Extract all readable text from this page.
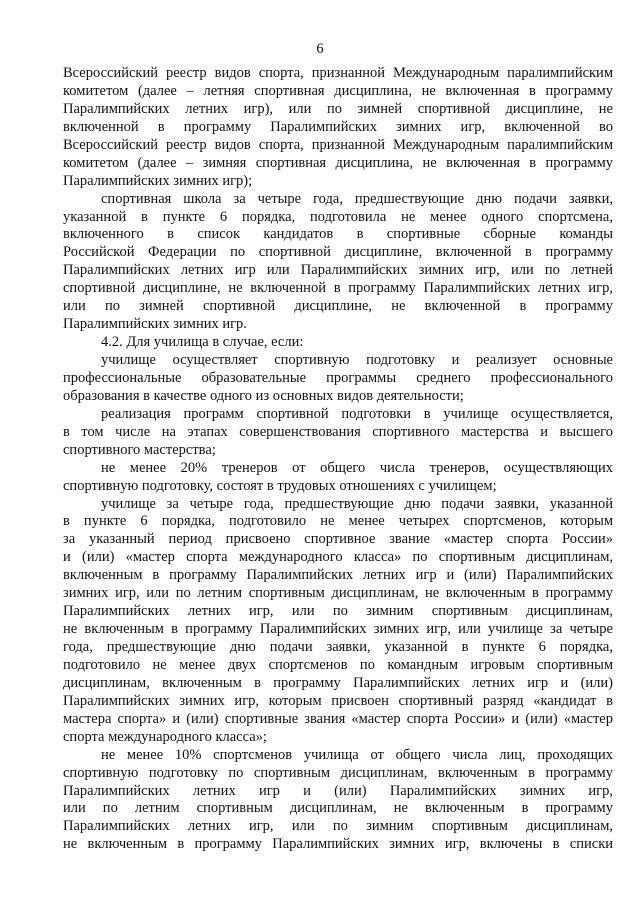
6
Всероссийский реестр видов спорта, признанной Международным паралимпийским
комитетом (далее – летняя спортивная дисциплина, не включенная в программу
Паралимпийских летних игр), или по зимней спортивной дисциплине, не
включенной в программу Паралимпийских зимних игр, включенной во
Всероссийский реестр видов спорта, признанной Международным паралимпийским
комитетом (далее – зимняя спортивная дисциплина, не включенная в программу
Паралимпийских зимних игр);
спортивная школа за четыре года, предшествующие дню подачи заявки,
указанной в пункте 6 порядка, подготовила не менее одного спортсмена,
включенного в список кандидатов в спортивные сборные команды
Российской Федерации по спортивной дисциплине, включенной в программу
Паралимпийских летних игр или Паралимпийских зимних игр, или по летней
спортивной дисциплине, не включенной в программу Паралимпийских летних игр,
или по зимней спортивной дисциплине, не включенной в программу
Паралимпийских зимних игр.
4.2. Для училища в случае, если:
училище осуществляет спортивную подготовку и реализует основные
профессиональные образовательные программы среднего профессионального
образования в качестве одного из основных видов деятельности;
реализация программ спортивной подготовки в училище осуществляется,
в том числе на этапах совершенствования спортивного мастерства и высшего
спортивного мастерства;
не менее 20% тренеров от общего числа тренеров, осуществляющих
спортивную подготовку, состоят в трудовых отношениях с училищем;
училище за четыре года, предшествующие дню подачи заявки, указанной
в пункте 6 порядка, подготовило не менее четырех спортсменов, которым
за указанный период присвоено спортивное звание «мастер спорта России»
и (или) «мастер спорта международного класса» по спортивным дисциплинам,
включенным в программу Паралимпийских летних игр и (или) Паралимпийских
зимних игр, или по летним спортивным дисциплинам, не включенным в программу
Паралимпийских летних игр, или по зимним спортивным дисциплинам,
не включенным в программу Паралимпийских зимних игр, или училище за четыре
года, предшествующие дню подачи заявки, указанной в пункте 6 порядка,
подготовило не менее двух спортсменов по командным игровым спортивным
дисциплинам, включенным в программу Паралимпийских летних игр и (или)
Паралимпийских зимних игр, которым присвоен спортивный разряд «кандидат в
мастера спорта» и (или) спортивные звания «мастер спорта России» и (или) «мастер
спорта международного класса»;
не менее 10% спортсменов училища от общего числа лиц, проходящих
спортивную подготовку по спортивным дисциплинам, включенным в программу
Паралимпийских летних игр и (или) Паралимпийских зимних игр,
или по летним спортивным дисциплинам, не включенным в программу
Паралимпийских летних игр, или по зимним спортивным дисциплинам,
не включенным в программу Паралимпийских зимних игр, включены в списки
